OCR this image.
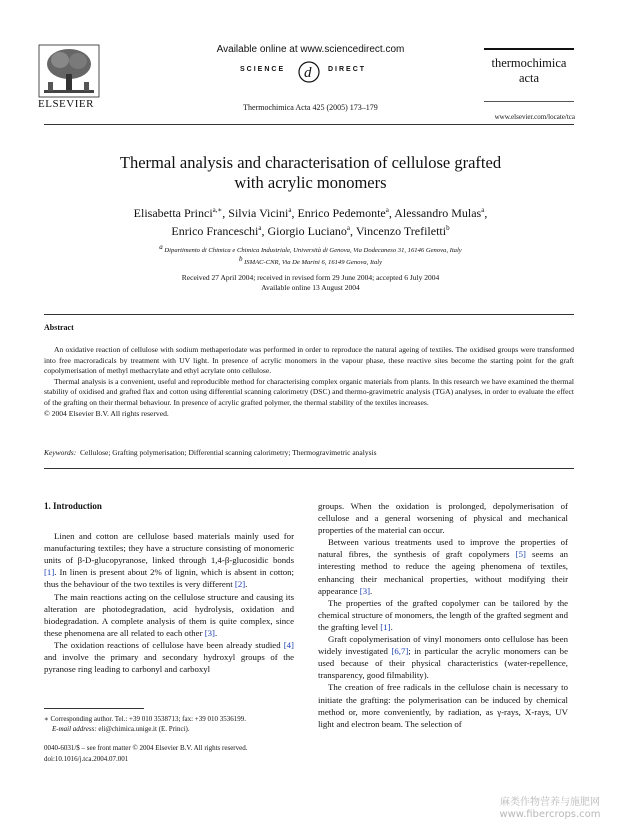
Available online at www.sciencedirect.com
SCIENCE d DIRECT
Thermochimica Acta 425 (2005) 173–179
ELSEVIER
thermochimica
acta
www.elsevier.com/locate/tca
Thermal analysis and characterisation of cellulose grafted
with acrylic monomers
Elisabetta Princi$^{a,∗}$, Silvia Vicini$^a$, Enrico Pedemonte$^a$, Alessandro Mulas$^a$,
Enrico Franceschi$^a$, Giorgio Luciano$^a$, Vincenzo Trefiletti$^b$
$^a$ Dipartimento di Chimica e Chimica Industriale, Università di Genova, Via Dodecaneso 31, 16146 Genova, Italy
$^b$ ISMAC-CNR, Via De Marini 6, 16149 Genova, Italy
Received 27 April 2004; received in revised form 29 June 2004; accepted 6 July 2004
Available online 13 August 2004
Abstract

An oxidative reaction of cellulose with sodium methaperiodate was performed in order to reproduce the natural ageing of textiles. The oxidised groups were transformed into free macroradicals by treatment with UV light. In presence of acrylic monomers in the vapour phase, these reactive sites become the starting point for the graft copolymerisation of methyl methacrylate and ethyl acrylate onto cellulose.

Thermal analysis is a convenient, useful and reproducible method for characterising complex organic materials from plants. In this research we have examined the thermal stability of oxidised and grafted flax and cotton using differential scanning calorimetry (DSC) and thermo-gravimetric analysis (TGA) analyses, in order to evaluate the effect of the grafting on their thermal behaviour. In presence of acrylic grafted polymer, the thermal stability of the textiles increases.

© 2004 Elsevier B.V. All rights reserved.

Keywords: Cellulose; Grafting polymerisation; Differential scanning calorimetry; Thermogravimetric analysis
1. Introduction

Linen and cotton are cellulose based materials mainly used for manufacturing textiles; they have a structure consisting of monomeric units of β-D-glucopyranose, linked through 1,4-β-glucosidic bonds [1]. In linen is present about 2% of lignin, which is absent in cotton; thus the behaviour of the two textiles is very different [2].

The main reactions acting on the cellulose structure and causing its alteration are photodegradation, acid hydrolysis, oxidation and biodegradation. A complete analysis of them is quite complex, since these phenomena are all related to each other [3].

The oxidation reactions of cellulose have been already studied [4] and involve the primary and secondary hydroxyl groups of the pyranose ring leading to carbonyl and carboxyl

groups. When the oxidation is prolonged, depolymerisation of cellulose and a general worsening of physical and mechanical properties of the material can occur.

Between various treatments used to improve the properties of natural fibres, the synthesis of graft copolymers [5] seems an interesting method to reduce the ageing phenomena of textiles, enhancing their mechanical properties, without modifying their appearance [3].

The properties of the grafted copolymer can be tailored by the chemical structure of monomers, the length of the grafted segment and the grafting level [1].

Graft copolymerisation of vinyl monomers onto cellulose has been widely investigated [6,7]; in particular the acrylic monomers can be used because of their physical characteristics (water-repellence, transparency, good filmability).

The creation of free radicals in the cellulose chain is necessary to initiate the grafting: the polymerisation can be induced by chemical method or, more conveniently, by radiation, as γ-rays, X-rays, UV light and electron beam. The selection of

∗ Corresponding author. Tel.: +39 010 3538713; fax: +39 010 3536199.
E-mail address: eli@chimica.unige.it (E. Princi).
0040-6031/$ – see front matter © 2004 Elsevier B.V. All rights reserved.
doi:10.1016/j.tca.2004.07.001
麻类作物营养与施肥网
www.fibercrops.com
